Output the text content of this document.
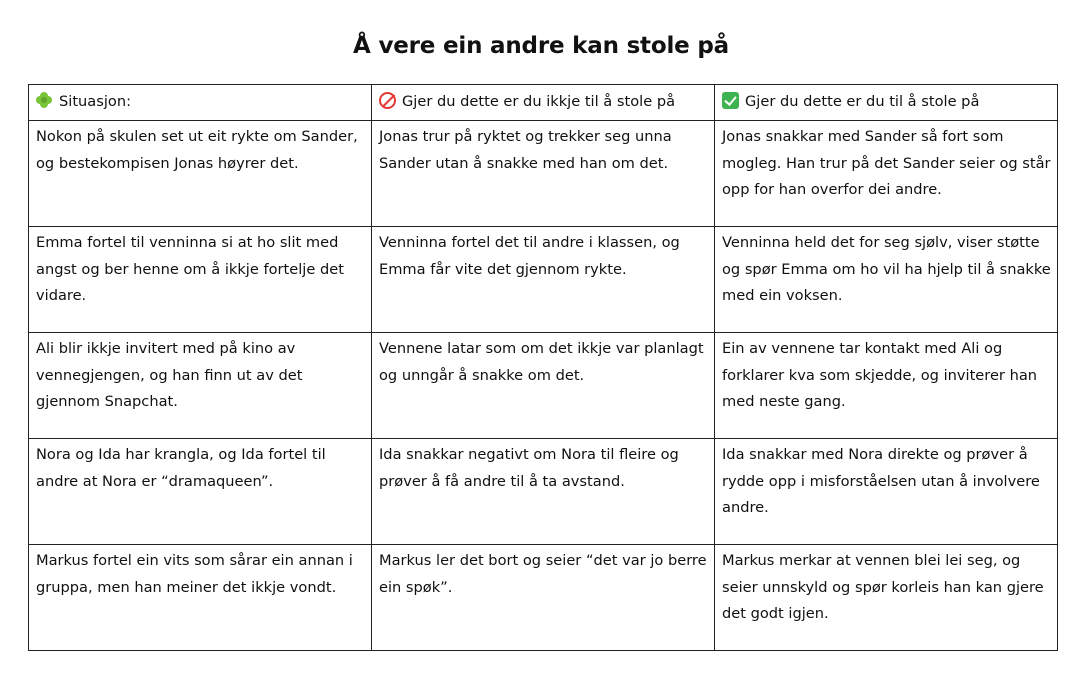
Å vere ein andre kan stole på
Situasjon:	Gjer du dette er du ikkje til å stole på	Gjer du dette er du til å stole på
Nokon på skulen set ut eit rykte om Sander, og bestekompisen Jonas høyrer det.	Jonas trur på ryktet og trekker seg unna Sander utan å snakke med han om det.	Jonas snakkar med Sander så fort som mogleg. Han trur på det Sander seier og står opp for han overfor dei andre.
Emma fortel til venninna si at ho slit med angst og ber henne om å ikkje fortelje det vidare.	Venninna fortel det til andre i klassen, og Emma får vite det gjennom rykte.	Venninna held det for seg sjølv, viser støtte og spør Emma om ho vil ha hjelp til å snakke med ein voksen.
Ali blir ikkje invitert med på kino av vennegjengen, og han finn ut av det gjennom Snapchat.	Vennene latar som om det ikkje var planlagt og unngår å snakke om det.	Ein av vennene tar kontakt med Ali og forklarer kva som skjedde, og inviterer han med neste gang.
Nora og Ida har krangla, og Ida fortel til andre at Nora er “dramaqueen”.	Ida snakkar negativt om Nora til fleire og prøver å få andre til å ta avstand.	Ida snakkar med Nora direkte og prøver å rydde opp i misforståelsen utan å involvere andre.
Markus fortel ein vits som sårar ein annan i gruppa, men han meiner det ikkje vondt.	Markus ler det bort og seier “det var jo berre ein spøk”.	Markus merkar at vennen blei lei seg, og seier unnskyld og spør korleis han kan gjere det godt igjen.
